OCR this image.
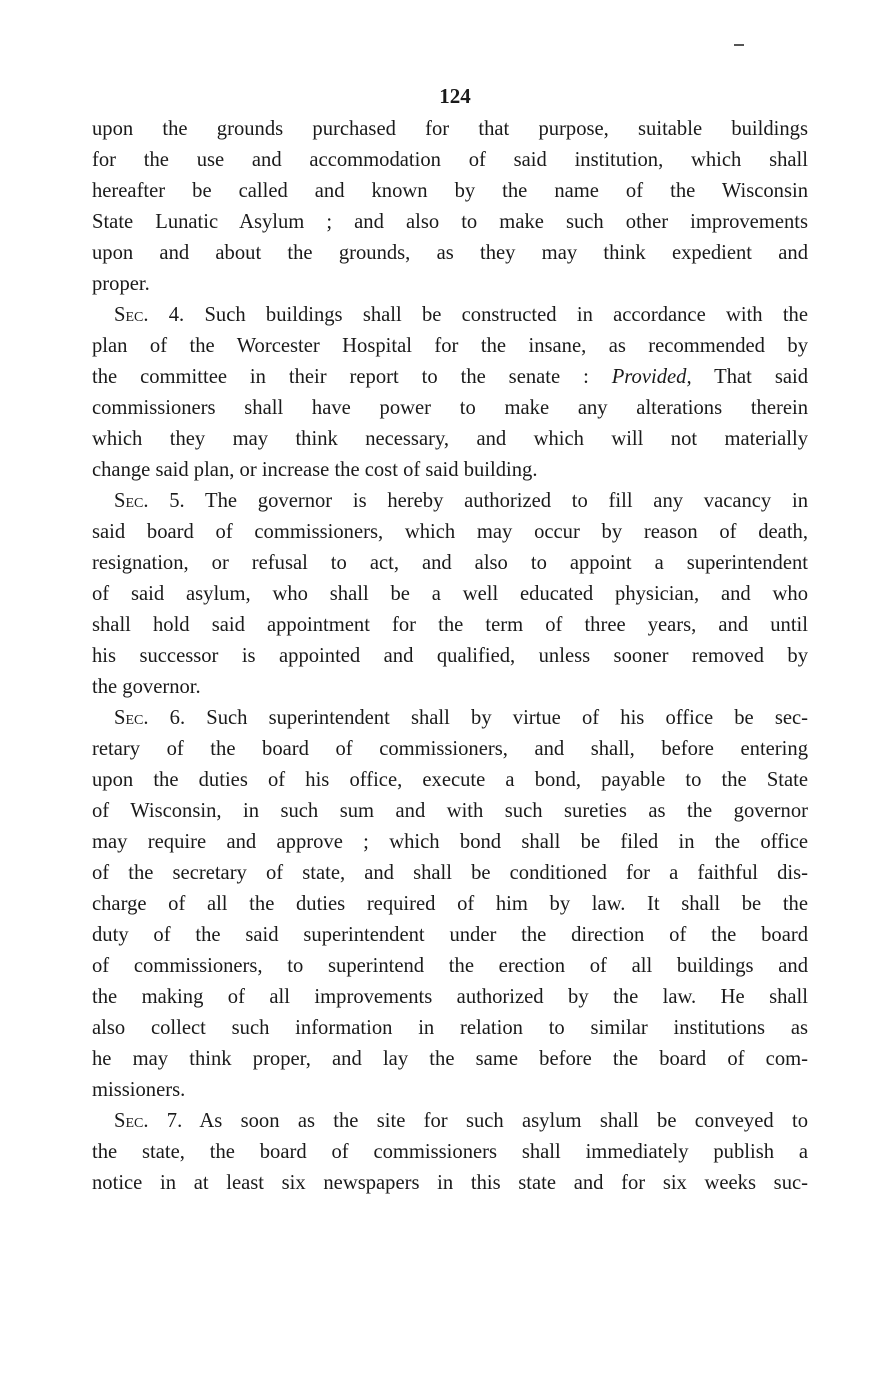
124
upon the grounds purchased for that purpose, suitable buildings
for the use and accommodation of said institution, which shall
hereafter be called and known by the name of the Wisconsin
State Lunatic Asylum ; and also to make such other improvements
upon and about the grounds, as they may think expedient and
proper.
Sec. 4. Such buildings shall be constructed in accordance with the
plan of the Worcester Hospital for the insane, as recommended by
the committee in their report to the senate : Provided, That said
commissioners shall have power to make any alterations therein
which they may think necessary, and which will not materially
change said plan, or increase the cost of said building.
Sec. 5. The governor is hereby authorized to fill any vacancy in
said board of commissioners, which may occur by reason of death,
resignation, or refusal to act, and also to appoint a superintendent
of said asylum, who shall be a well educated physician, and who
shall hold said appointment for the term of three years, and until
his successor is appointed and qualified, unless sooner removed by
the governor.
Sec. 6. Such superintendent shall by virtue of his office be sec-
retary of the board of commissioners, and shall, before entering
upon the duties of his office, execute a bond, payable to the State
of Wisconsin, in such sum and with such sureties as the governor
may require and approve ; which bond shall be filed in the office
of the secretary of state, and shall be conditioned for a faithful dis-
charge of all the duties required of him by law. It shall be the
duty of the said superintendent under the direction of the board
of commissioners, to superintend the erection of all buildings and
the making of all improvements authorized by the law. He shall
also collect such information in relation to similar institutions as
he may think proper, and lay the same before the board of com-
missioners.
Sec. 7. As soon as the site for such asylum shall be conveyed to
the state, the board of commissioners shall immediately publish a
notice in at least six newspapers in this state and for six weeks suc-
